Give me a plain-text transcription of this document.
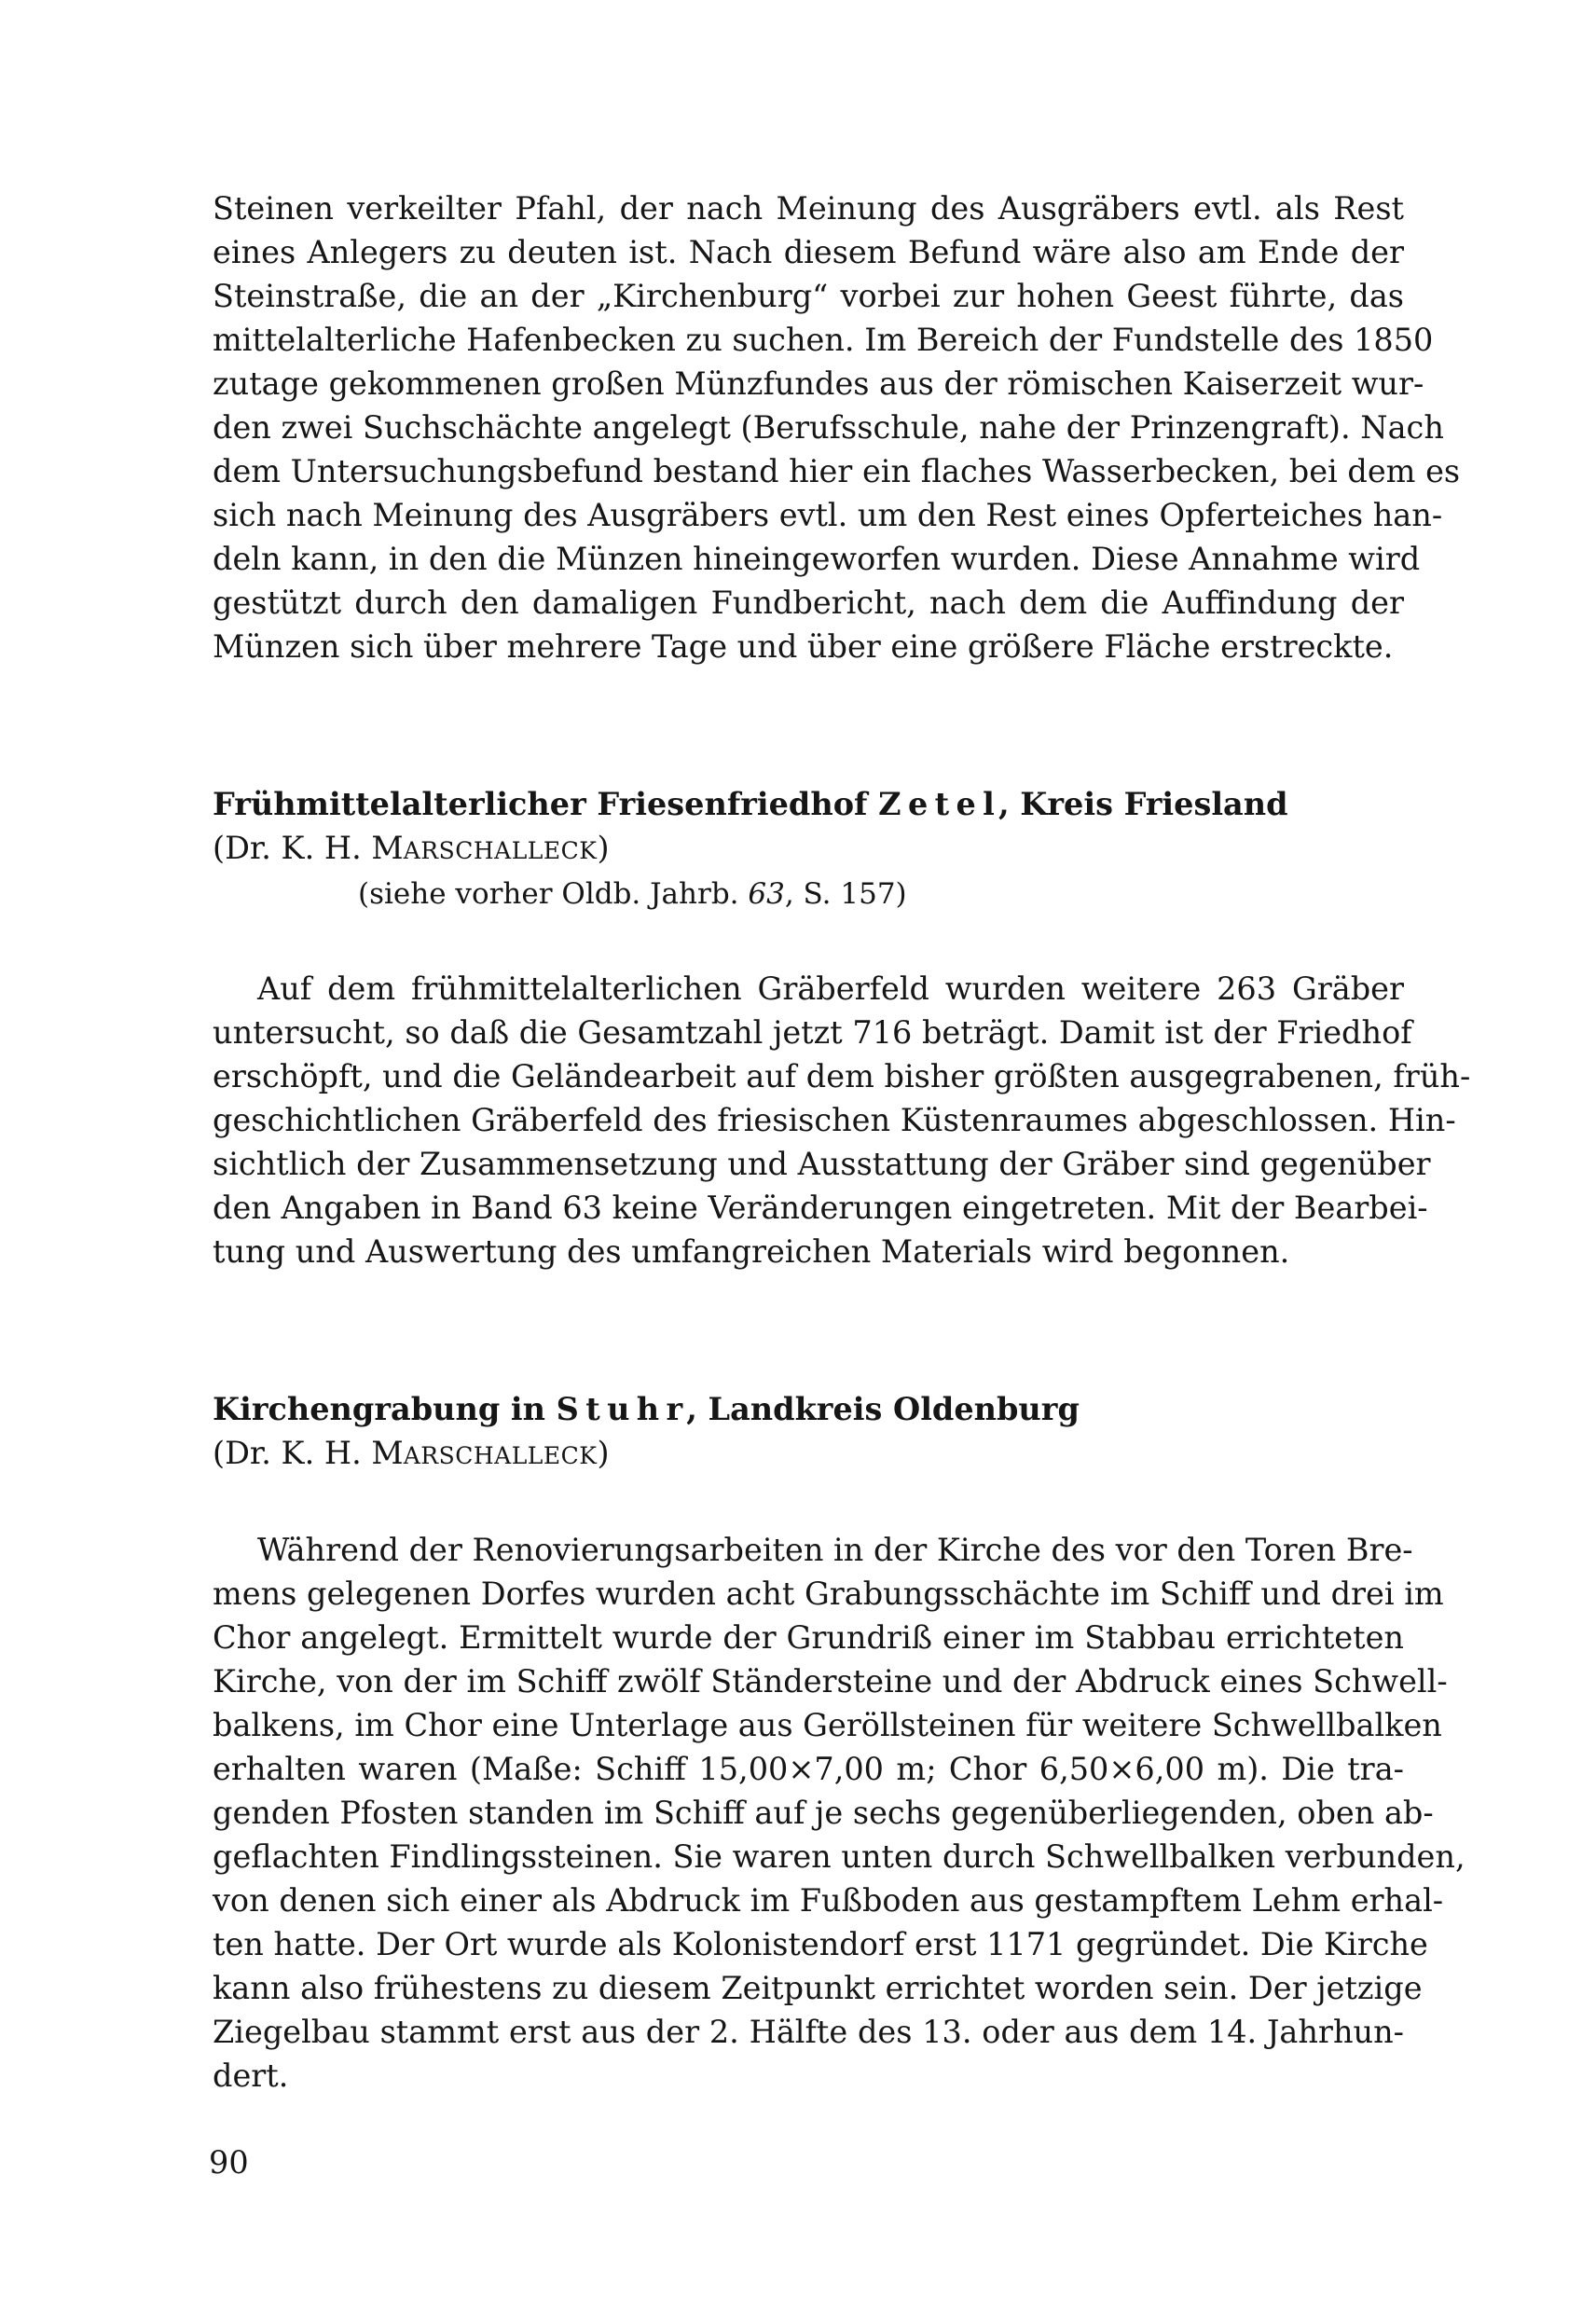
Steinen verkeilter Pfahl, der nach Meinung des Ausgräbers evtl. als Rest
eines Anlegers zu deuten ist. Nach diesem Befund wäre also am Ende der
Steinstraße, die an der „Kirchenburg“ vorbei zur hohen Geest führte, das
mittelalterliche Hafenbecken zu suchen. Im Bereich der Fundstelle des 1850
zutage gekommenen großen Münzfundes aus der römischen Kaiserzeit wur-
den zwei Suchschächte angelegt (Berufsschule, nahe der Prinzengraft). Nach
dem Untersuchungsbefund bestand hier ein flaches Wasserbecken, bei dem es
sich nach Meinung des Ausgräbers evtl. um den Rest eines Opferteiches han-
deln kann, in den die Münzen hineingeworfen wurden. Diese Annahme wird
gestützt durch den damaligen Fundbericht, nach dem die Auffindung der
Münzen sich über mehrere Tage und über eine größere Fläche erstreckte.

Frühmittelalterlicher Friesenfriedhof Zetel, Kreis Friesland

(Dr. K. H. MARSCHALLECK)

(siehe vorher Oldb. Jahrb. 63, S. 157)

Auf dem frühmittelalterlichen Gräberfeld wurden weitere 263 Gräber
untersucht, so daß die Gesamtzahl jetzt 716 beträgt. Damit ist der Friedhof
erschöpft, und die Geländearbeit auf dem bisher größten ausgegrabenen, früh-
geschichtlichen Gräberfeld des friesischen Küstenraumes abgeschlossen. Hin-
sichtlich der Zusammensetzung und Ausstattung der Gräber sind gegenüber
den Angaben in Band 63 keine Veränderungen eingetreten. Mit der Bearbei-
tung und Auswertung des umfangreichen Materials wird begonnen.

Kirchengrabung in Stuhr, Landkreis Oldenburg

(Dr. K. H. MARSCHALLECK)

Während der Renovierungsarbeiten in der Kirche des vor den Toren Bre-
mens gelegenen Dorfes wurden acht Grabungsschächte im Schiff und drei im
Chor angelegt. Ermittelt wurde der Grundriß einer im Stabbau errichteten
Kirche, von der im Schiff zwölf Ständersteine und der Abdruck eines Schwell-
balkens, im Chor eine Unterlage aus Geröllsteinen für weitere Schwellbalken
erhalten waren (Maße: Schiff 15,00×7,00 m; Chor 6,50×6,00 m). Die tra-
genden Pfosten standen im Schiff auf je sechs gegenüberliegenden, oben ab-
geflachten Findlingssteinen. Sie waren unten durch Schwellbalken verbunden,
von denen sich einer als Abdruck im Fußboden aus gestampftem Lehm erhal-
ten hatte. Der Ort wurde als Kolonistendorf erst 1171 gegründet. Die Kirche
kann also frühestens zu diesem Zeitpunkt errichtet worden sein. Der jetzige
Ziegelbau stammt erst aus der 2. Hälfte des 13. oder aus dem 14. Jahrhun-
dert.

90
